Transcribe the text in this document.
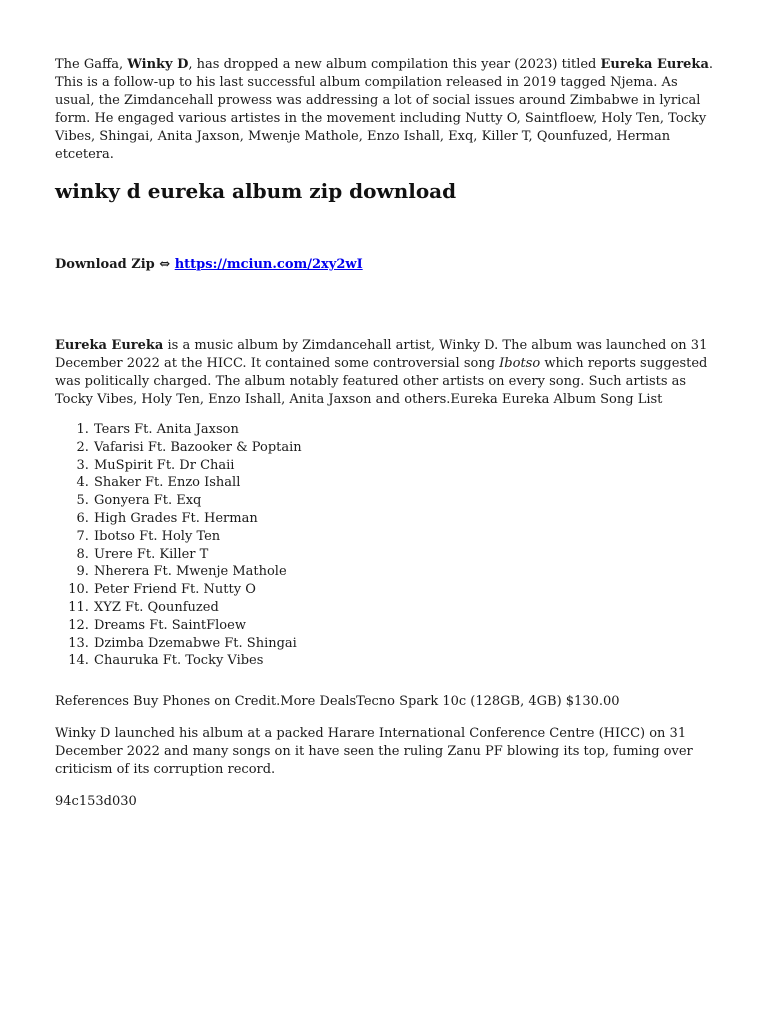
The Gaffa, Winky D, has dropped a new album compilation this year (2023) titled Eureka Eureka. This is a follow-up to his last successful album compilation released in 2019 tagged Njema. As usual, the Zimdancehall prowess was addressing a lot of social issues around Zimbabwe in lyrical form. He engaged various artistes in the movement including Nutty O, Saintfloew, Holy Ten, Tocky Vibes, Shingai, Anita Jaxson, Mwenje Mathole, Enzo Ishall, Exq, Killer T, Qounfuzed, Herman etcetera.

winky d eureka album zip download

Download Zip ⇔ https://mciun.com/2xy2wI

Eureka Eureka is a music album by Zimdancehall artist, Winky D. The album was launched on 31 December 2022 at the HICC. It contained some controversial song Ibotso which reports suggested was politically charged. The album notably featured other artists on every song. Such artists as Tocky Vibes, Holy Ten, Enzo Ishall, Anita Jaxson and others.Eureka Eureka Album Song List

1. Tears Ft. Anita Jaxson
2. Vafarisi Ft. Bazooker & Poptain
3. MuSpirit Ft. Dr Chaii
4. Shaker Ft. Enzo Ishall
5. Gonyera Ft. Exq
6. High Grades Ft. Herman
7. Ibotso Ft. Holy Ten
8. Urere Ft. Killer T
9. Nherera Ft. Mwenje Mathole
10. Peter Friend Ft. Nutty O
11. XYZ Ft. Qounfuzed
12. Dreams Ft. SaintFloew
13. Dzimba Dzemabwe Ft. Shingai
14. Chauruka Ft. Tocky Vibes

References Buy Phones on Credit.More DealsTecno Spark 10c (128GB, 4GB) $130.00

Winky D launched his album at a packed Harare International Conference Centre (HICC) on 31 December 2022 and many songs on it have seen the ruling Zanu PF blowing its top, fuming over criticism of its corruption record.

94c153d030
